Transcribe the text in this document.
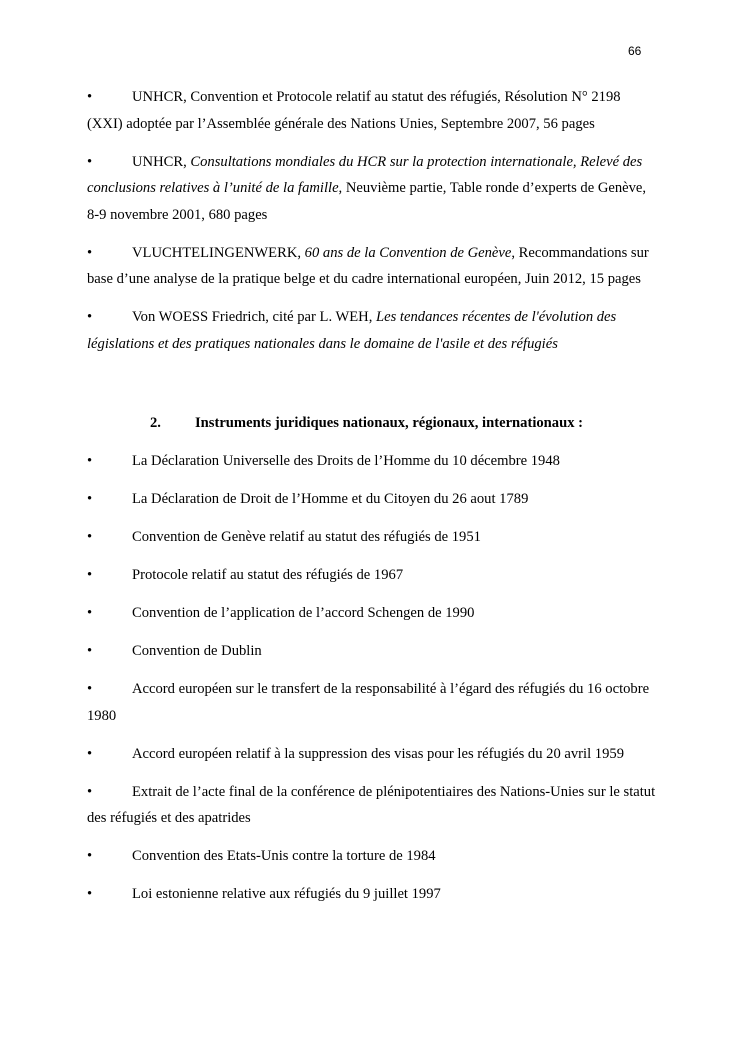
66

•	UNHCR, Convention et Protocole relatif au statut des réfugiés, Résolution N° 2198 (XXI) adoptée par l’Assemblée générale des Nations Unies, Septembre 2007, 56 pages

•	UNHCR, Consultations mondiales du HCR sur la protection internationale, Relevé des conclusions relatives à l’unité de la famille, Neuvième partie, Table ronde d’experts de Genève, 8-9 novembre 2001, 680 pages

•	VLUCHTELINGENWERK, 60 ans de la Convention de Genève, Recommandations sur base d’une analyse de la pratique belge et du cadre international européen, Juin 2012, 15 pages

•	Von WOESS Friedrich, cité par L. WEH, Les tendances récentes de l'évolution des législations et des pratiques nationales dans le domaine de l'asile et des réfugiés

2. Instruments juridiques nationaux, régionaux, internationaux :

•	La Déclaration Universelle des Droits de l’Homme du 10 décembre 1948

•	La Déclaration de Droit de l’Homme et du Citoyen du 26 aout 1789

•	Convention de Genève relatif au statut des réfugiés de 1951

•	Protocole relatif au statut des réfugiés de 1967

•	Convention de l’application de l’accord Schengen de 1990

•	Convention de Dublin

•	Accord européen sur le transfert de la responsabilité à l’égard des réfugiés du 16 octobre 1980

•	Accord européen relatif à la suppression des visas pour les réfugiés du 20 avril 1959

•	Extrait de l’acte final de la conférence de plénipotentiaires des Nations-Unies sur le statut des réfugiés et des apatrides

•	Convention des Etats-Unis contre la torture de 1984

•	Loi estonienne relative aux réfugiés du 9 juillet 1997
